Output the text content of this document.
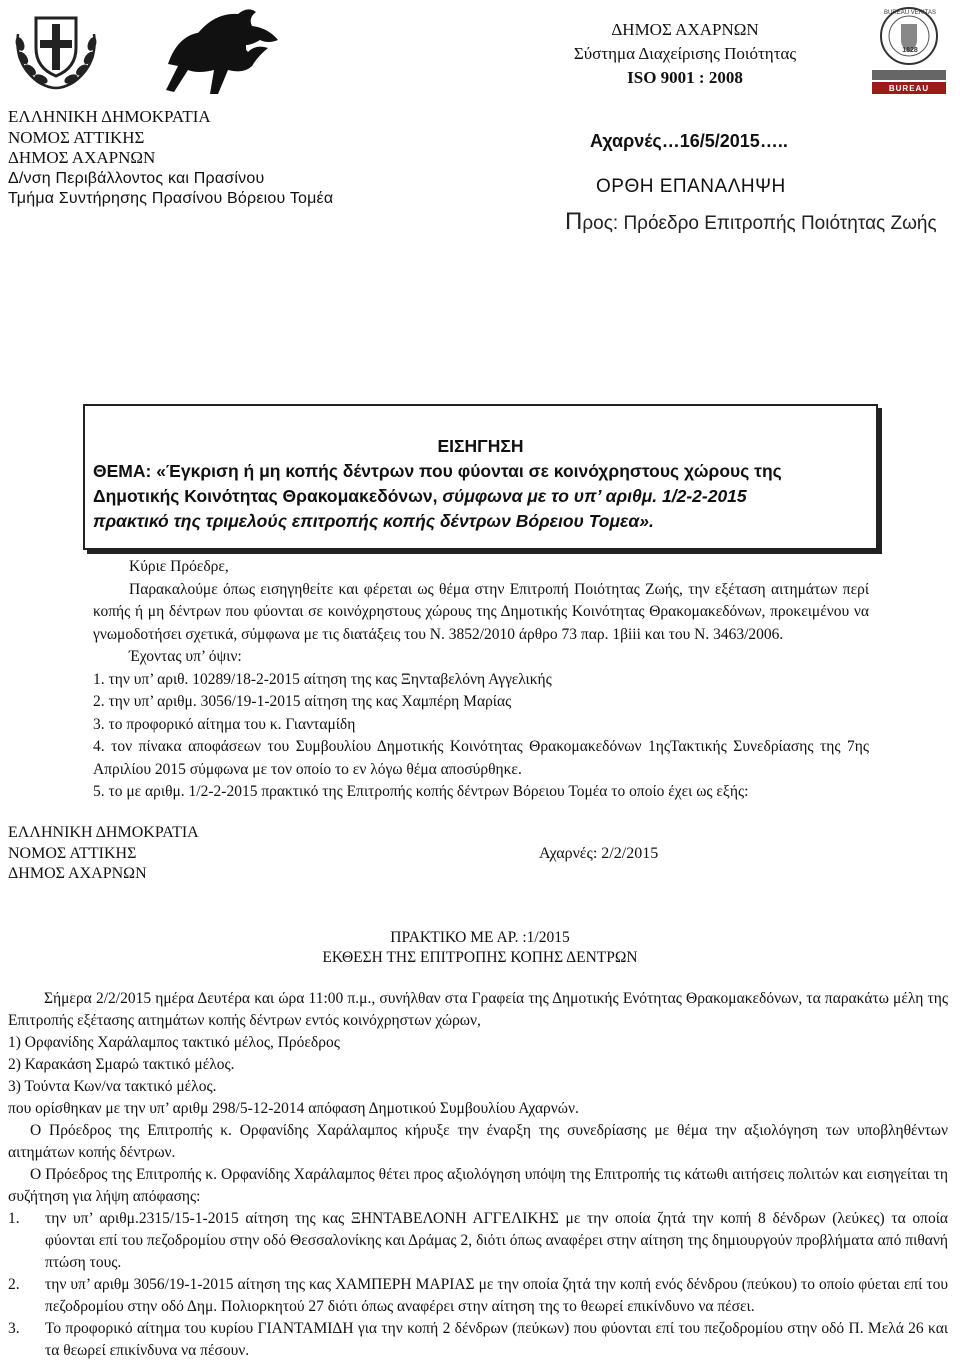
BUREAU VERITAS
1828
BUREAU VERITAS
ΕΛΛΗΝΙΚΗ ΔΗΜΟΚΡΑΤΙΑ
ΝΟΜΟΣ ΑΤΤΙΚΗΣ
ΔΗΜΟΣ ΑΧΑΡΝΩΝ
Δ/νση Περιβάλλοντος και Πρασίνου
Τμήμα Συντήρησης Πρασίνου Βόρειου Τομέα
ΔΗΜΟΣ ΑΧΑΡΝΩΝ
Σύστημα Διαχείρισης Ποιότητας
ISO 9001 : 2008
Αχαρνές…16/5/2015…..
ΟΡΘΗ ΕΠΑΝΑΛΗΨΗ
Προς: Πρόεδρο Επιτροπής Ποιότητας Ζωής
ΕΙΣΗΓΗΣΗ
ΘΕΜΑ: «Έγκριση ή μη κοπής δέντρων που φύονται σε κοινόχρηστους χώρους της
Δημοτικής Κοινότητας Θρακομακεδόνων, σύμφωνα με το υπ’ αριθμ. 1/2-2-2015
πρακτικό της τριμελούς επιτροπής κοπής δέντρων Βόρειου Τομεα».
Κύριε Πρόεδρε,
Παρακαλούμε όπως εισηγηθείτε και φέρεται ως θέμα στην Επιτροπή Ποιότητας Ζωής, την εξέταση αιτημάτων περί κοπής ή μη δέντρων που φύονται σε κοινόχρηστους χώρους της Δημοτικής Κοινότητας Θρακομακεδόνων, προκειμένου να γνωμοδοτήσει σχετικά, σύμφωνα με τις διατάξεις του Ν. 3852/2010 άρθρο 73 παρ. 1βiii και του Ν. 3463/2006.
Έχοντας υπ’ όψιν:
1. την υπ’ αριθ. 10289/18-2-2015 αίτηση της κας Ξηνταβελόνη Αγγελικής
2. την υπ’ αριθμ. 3056/19-1-2015 αίτηση της κας Χαμπέρη Μαρίας
3. το προφορικό αίτημα του κ. Γιανταμίδη
4. τον πίνακα αποφάσεων του Συμβουλίου Δημοτικής Κοινότητας Θρακομακεδόνων 1ηςΤακτικής Συνεδρίασης της 7ης Απριλίου 2015 σύμφωνα με τον οποίο το εν λόγω θέμα αποσύρθηκε.
5. το με αριθμ. 1/2-2-2015 πρακτικό της Επιτροπής κοπής δέντρων Βόρειου Τομέα το οποίο έχει ως εξής:
ΕΛΛΗΝΙΚΗ ΔΗΜΟΚΡΑΤΙΑ
ΝΟΜΟΣ ΑΤΤΙΚΗΣ	Αχαρνές: 2/2/2015
ΔΗΜΟΣ ΑΧΑΡΝΩΝ
ΠΡΑΚΤΙΚΟ ΜΕ ΑΡ. :1/2015
ΕΚΘΕΣΗ ΤΗΣ ΕΠΙΤΡΟΠΗΣ ΚΟΠΗΣ ΔΕΝΤΡΩΝ
Σήμερα 2/2/2015 ημέρα Δευτέρα και ώρα 11:00 π.μ., συνήλθαν στα Γραφεία της Δημοτικής Ενότητας Θρακομακεδόνων, τα παρακάτω μέλη της Επιτροπής εξέτασης αιτημάτων κοπής δέντρων εντός κοινόχρηστων χώρων,
1) Ορφανίδης Χαράλαμπος τακτικό μέλος, Πρόεδρος
2) Καρακάση Σμαρώ τακτικό μέλος.
3) Τούντα Κων/να τακτικό μέλος.
που ορίσθηκαν με την υπ’ αριθμ 298/5-12-2014 απόφαση Δημοτικού Συμβουλίου Αχαρνών.
Ο Πρόεδρος της Επιτροπής κ. Ορφανίδης Χαράλαμπος κήρυξε την έναρξη της συνεδρίασης με θέμα την αξιολόγηση των υποβληθέντων αιτημάτων κοπής δέντρων.
Ο Πρόεδρος της Επιτροπής κ. Ορφανίδης Χαράλαμπος θέτει προς αξιολόγηση υπόψη της Επιτροπής τις κάτωθι αιτήσεις πολιτών και εισηγείται τη συζήτηση για λήψη απόφασης:
1.	την υπ’ αριθμ.2315/15-1-2015 αίτηση της κας ΞΗΝΤΑΒΕΛΟΝΗ ΑΓΓΕΛΙΚΗΣ με την οποία ζητά την κοπή 8 δένδρων (λεύκες) τα οποία φύονται επί του πεζοδρομίου στην οδό Θεσσαλονίκης και Δράμας 2, διότι όπως αναφέρει στην αίτηση της δημιουργούν προβλήματα από πιθανή πτώση τους.
2.	την υπ’ αριθμ 3056/19-1-2015 αίτηση της κας ΧΑΜΠΕΡΗ ΜΑΡΙΑΣ με την οποία ζητά την κοπή ενός δένδρου (πεύκου) το οποίο φύεται επί του πεζοδρομίου στην οδό Δημ. Πολιορκητού 27 διότι όπως αναφέρει στην αίτηση της το θεωρεί επικίνδυνο να πέσει.
3.	Το προφορικό αίτημα του κυρίου ΓΙΑΝΤΑΜΙΔΗ για την κοπή 2 δένδρων (πεύκων) που φύονται επί του πεζοδρομίου στην οδό Π. Μελά 26 και τα θεωρεί επικίνδυνα να πέσουν.
